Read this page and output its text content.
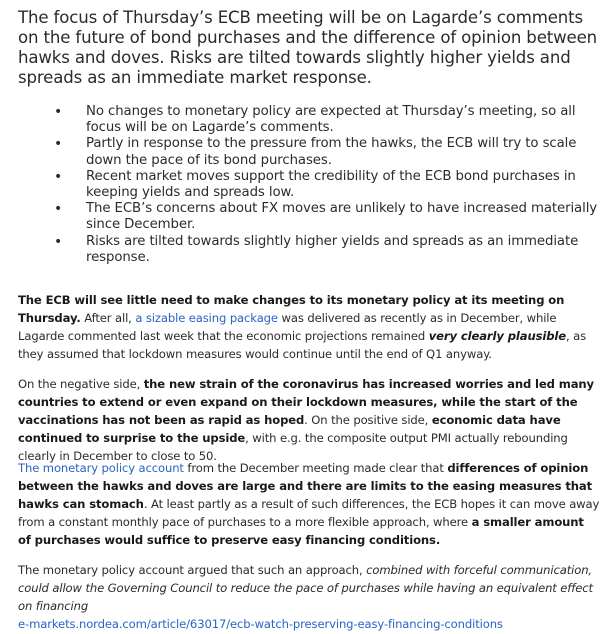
The focus of Thursday’s ECB meeting will be on Lagarde’s comments on the future of bond purchases and the difference of opinion between hawks and doves. Risks are tilted towards slightly higher yields and spreads as an immediate market response.

• No changes to monetary policy are expected at Thursday’s meeting, so all focus will be on Lagarde’s comments.
• Partly in response to the pressure from the hawks, the ECB will try to scale down the pace of its bond purchases.
• Recent market moves support the credibility of the ECB bond purchases in keeping yields and spreads low.
• The ECB’s concerns about FX moves are unlikely to have increased materially since December.
• Risks are tilted towards slightly higher yields and spreads as an immediate response.

The ECB will see little need to make changes to its monetary policy at its meeting on Thursday. After all, a sizable easing package was delivered as recently as in December, while Lagarde commented last week that the economic projections remained very clearly plausible, as they assumed that lockdown measures would continue until the end of Q1 anyway.

On the negative side, the new strain of the coronavirus has increased worries and led many countries to extend or even expand on their lockdown measures, while the start of the vaccinations has not been as rapid as hoped. On the positive side, economic data have continued to surprise to the upside, with e.g. the composite output PMI actually rebounding clearly in December to close to 50.

The monetary policy account from the December meeting made clear that differences of opinion between the hawks and doves are large and there are limits to the easing measures that hawks can stomach. At least partly as a result of such differences, the ECB hopes it can move away from a constant monthly pace of purchases to a more flexible approach, where a smaller amount of purchases would suffice to preserve easy financing conditions.

The monetary policy account argued that such an approach, combined with forceful communication, could allow the Governing Council to reduce the pace of purchases while having an equivalent effect on financing
e-markets.nordea.com/article/63017/ecb-watch-preserving-easy-financing-conditions
